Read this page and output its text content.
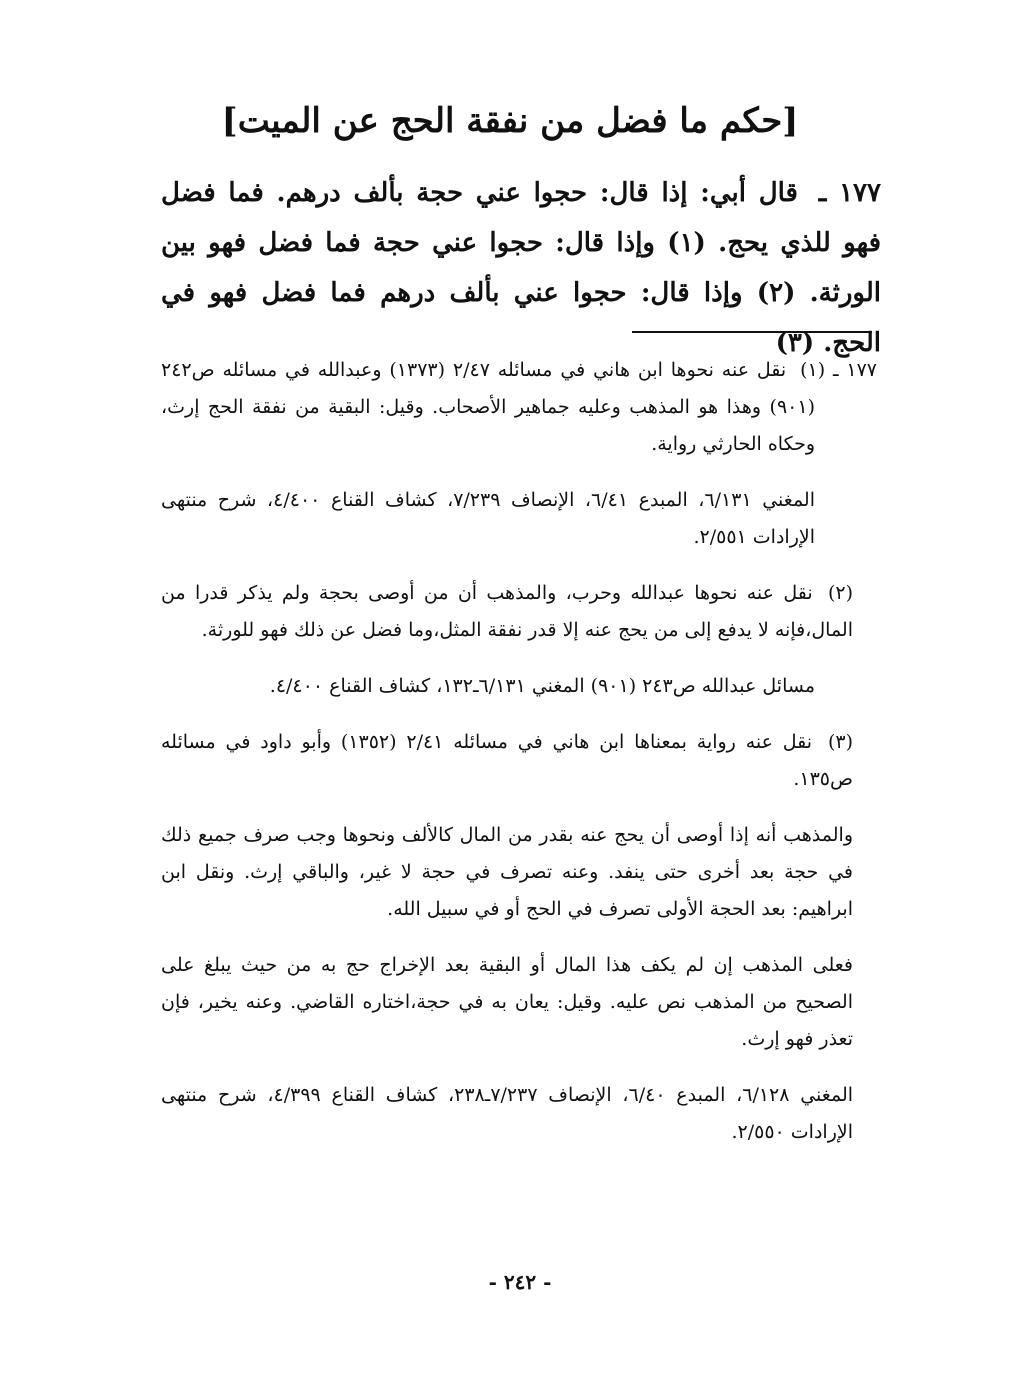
[حكم ما فضل من نفقة الحج عن الميت]
١٧٧ ـ قال أبي: إذا قال: حجوا عني حجة بألف درهم. فما فضل فهو للذي يحج. (١) وإذا قال: حجوا عني حجة فما فضل فهو بين الورثة. (٢) وإذا قال: حجوا عني بألف درهم فما فضل فهو في الحج. (٣)

١٧٧ ـ (١) نقل عنه نحوها ابن هاني في مسائله ٢/٤٧ (١٣٧٣) وعبدالله في مسائله ص٢٤٢ (٩٠١) وهذا هو المذهب وعليه جماهير الأصحاب. وقيل: البقية من نفقة الحج إرث، وحكاه الحارثي رواية.

المغني ٦/١٣١، المبدع ٦/٤١، الإنصاف ٧/٢٣٩، كشاف القناع ٤/٤٠٠، شرح منتهى الإرادات ٢/٥٥١.

(٢) نقل عنه نحوها عبدالله وحرب، والمذهب أن من أوصى بحجة ولم يذكر قدرا من المال،فإنه لا يدفع إلى من يحج عنه إلا قدر نفقة المثل،وما فضل عن ذلك فهو للورثة.

مسائل عبدالله ص٢٤٣ (٩٠١) المغني ٦/١٣١ـ١٣٢، كشاف القناع ٤/٤٠٠.

(٣) نقل عنه رواية بمعناها ابن هاني في مسائله ٢/٤١ (١٣٥٢) وأبو داود في مسائله ص١٣٥.

والمذهب أنه إذا أوصى أن يحج عنه بقدر من المال كالألف ونحوها وجب صرف جميع ذلك في حجة بعد أخرى حتى ينفد. وعنه تصرف في حجة لا غير، والباقي إرث. ونقل ابن ابراهيم: بعد الحجة الأولى تصرف في الحج أو في سبيل الله.

فعلى المذهب إن لم يكف هذا المال أو البقية بعد الإخراج حج به من حيث يبلغ على الصحيح من المذهب نص عليه. وقيل: يعان به في حجة،اختاره القاضي. وعنه يخير، فإن تعذر فهو إرث.

المغني ٦/١٢٨، المبدع ٦/٤٠، الإنصاف ٧/٢٣٧ـ٢٣٨، كشاف القناع ٤/٣٩٩، شرح منتهى الإرادات ٢/٥٥٠.

- ٢٤٢ -
